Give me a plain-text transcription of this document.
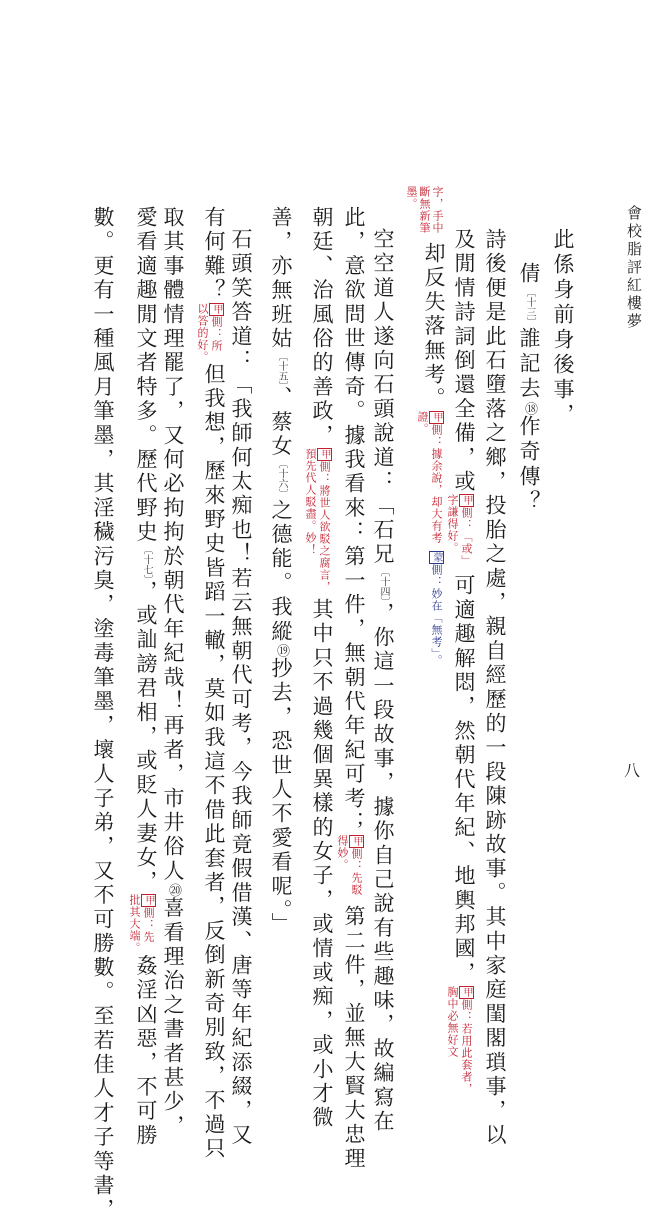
會校脂評紅樓夢
八
此係身前身後事，
倩〔十三〕誰記去⑱作奇傳？
詩後便是此石墮落之鄉，投胎之處，親自經歷的一段陳跡故事。其中家庭閨閣瑣事，以
及閒情詩詞倒還全備，或甲側：「或」字謙得好。可適趣解悶，然朝代年紀、地輿邦國，甲側：若用此套者，胸中必無好文
字，手中斷無新筆墨。却反失落無考。甲側：據余說，却大有考證。蒙側：妙在「無考」。
空空道人遂向石頭說道：「石兄〔十四〕，你這一段故事，據你自己說有些趣味，故編寫在
此，意欲問世傳奇。據我看來：第一件，無朝代年紀可考；甲側：先駁得妙。第二件，並無大賢大忠理
朝廷、治風俗的善政，甲側：將世人欲駁之腐言，預先代人駁盡。妙！其中只不過幾個異樣的女子，或情或痴，或小才微
善，亦無班姑〔十五〕、蔡女〔十六〕之德能。我縱⑲抄去，恐世人不愛看呢。」
石頭笑答道：「我師何太痴也！若云無朝代可考，今我師竟假借漢、唐等年紀添綴，又
有何難？甲側：所以答的好。但我想，歷來野史皆蹈一轍，莫如我這不借此套者，反倒新奇別致，不過只
取其事體情理罷了，又何必拘拘於朝代年紀哉！再者，市井俗人⑳喜看理治之書者甚少，
愛看適趣閒文者特多。歷代野史〔十七〕，或訕謗君相，或貶人妻女，甲側：先批其大端。姦淫凶惡，不可勝
數。更有一種風月筆墨，其淫穢污臭，塗毒筆墨，壞人子弟，又不可勝數。至若佳人才子等書，
